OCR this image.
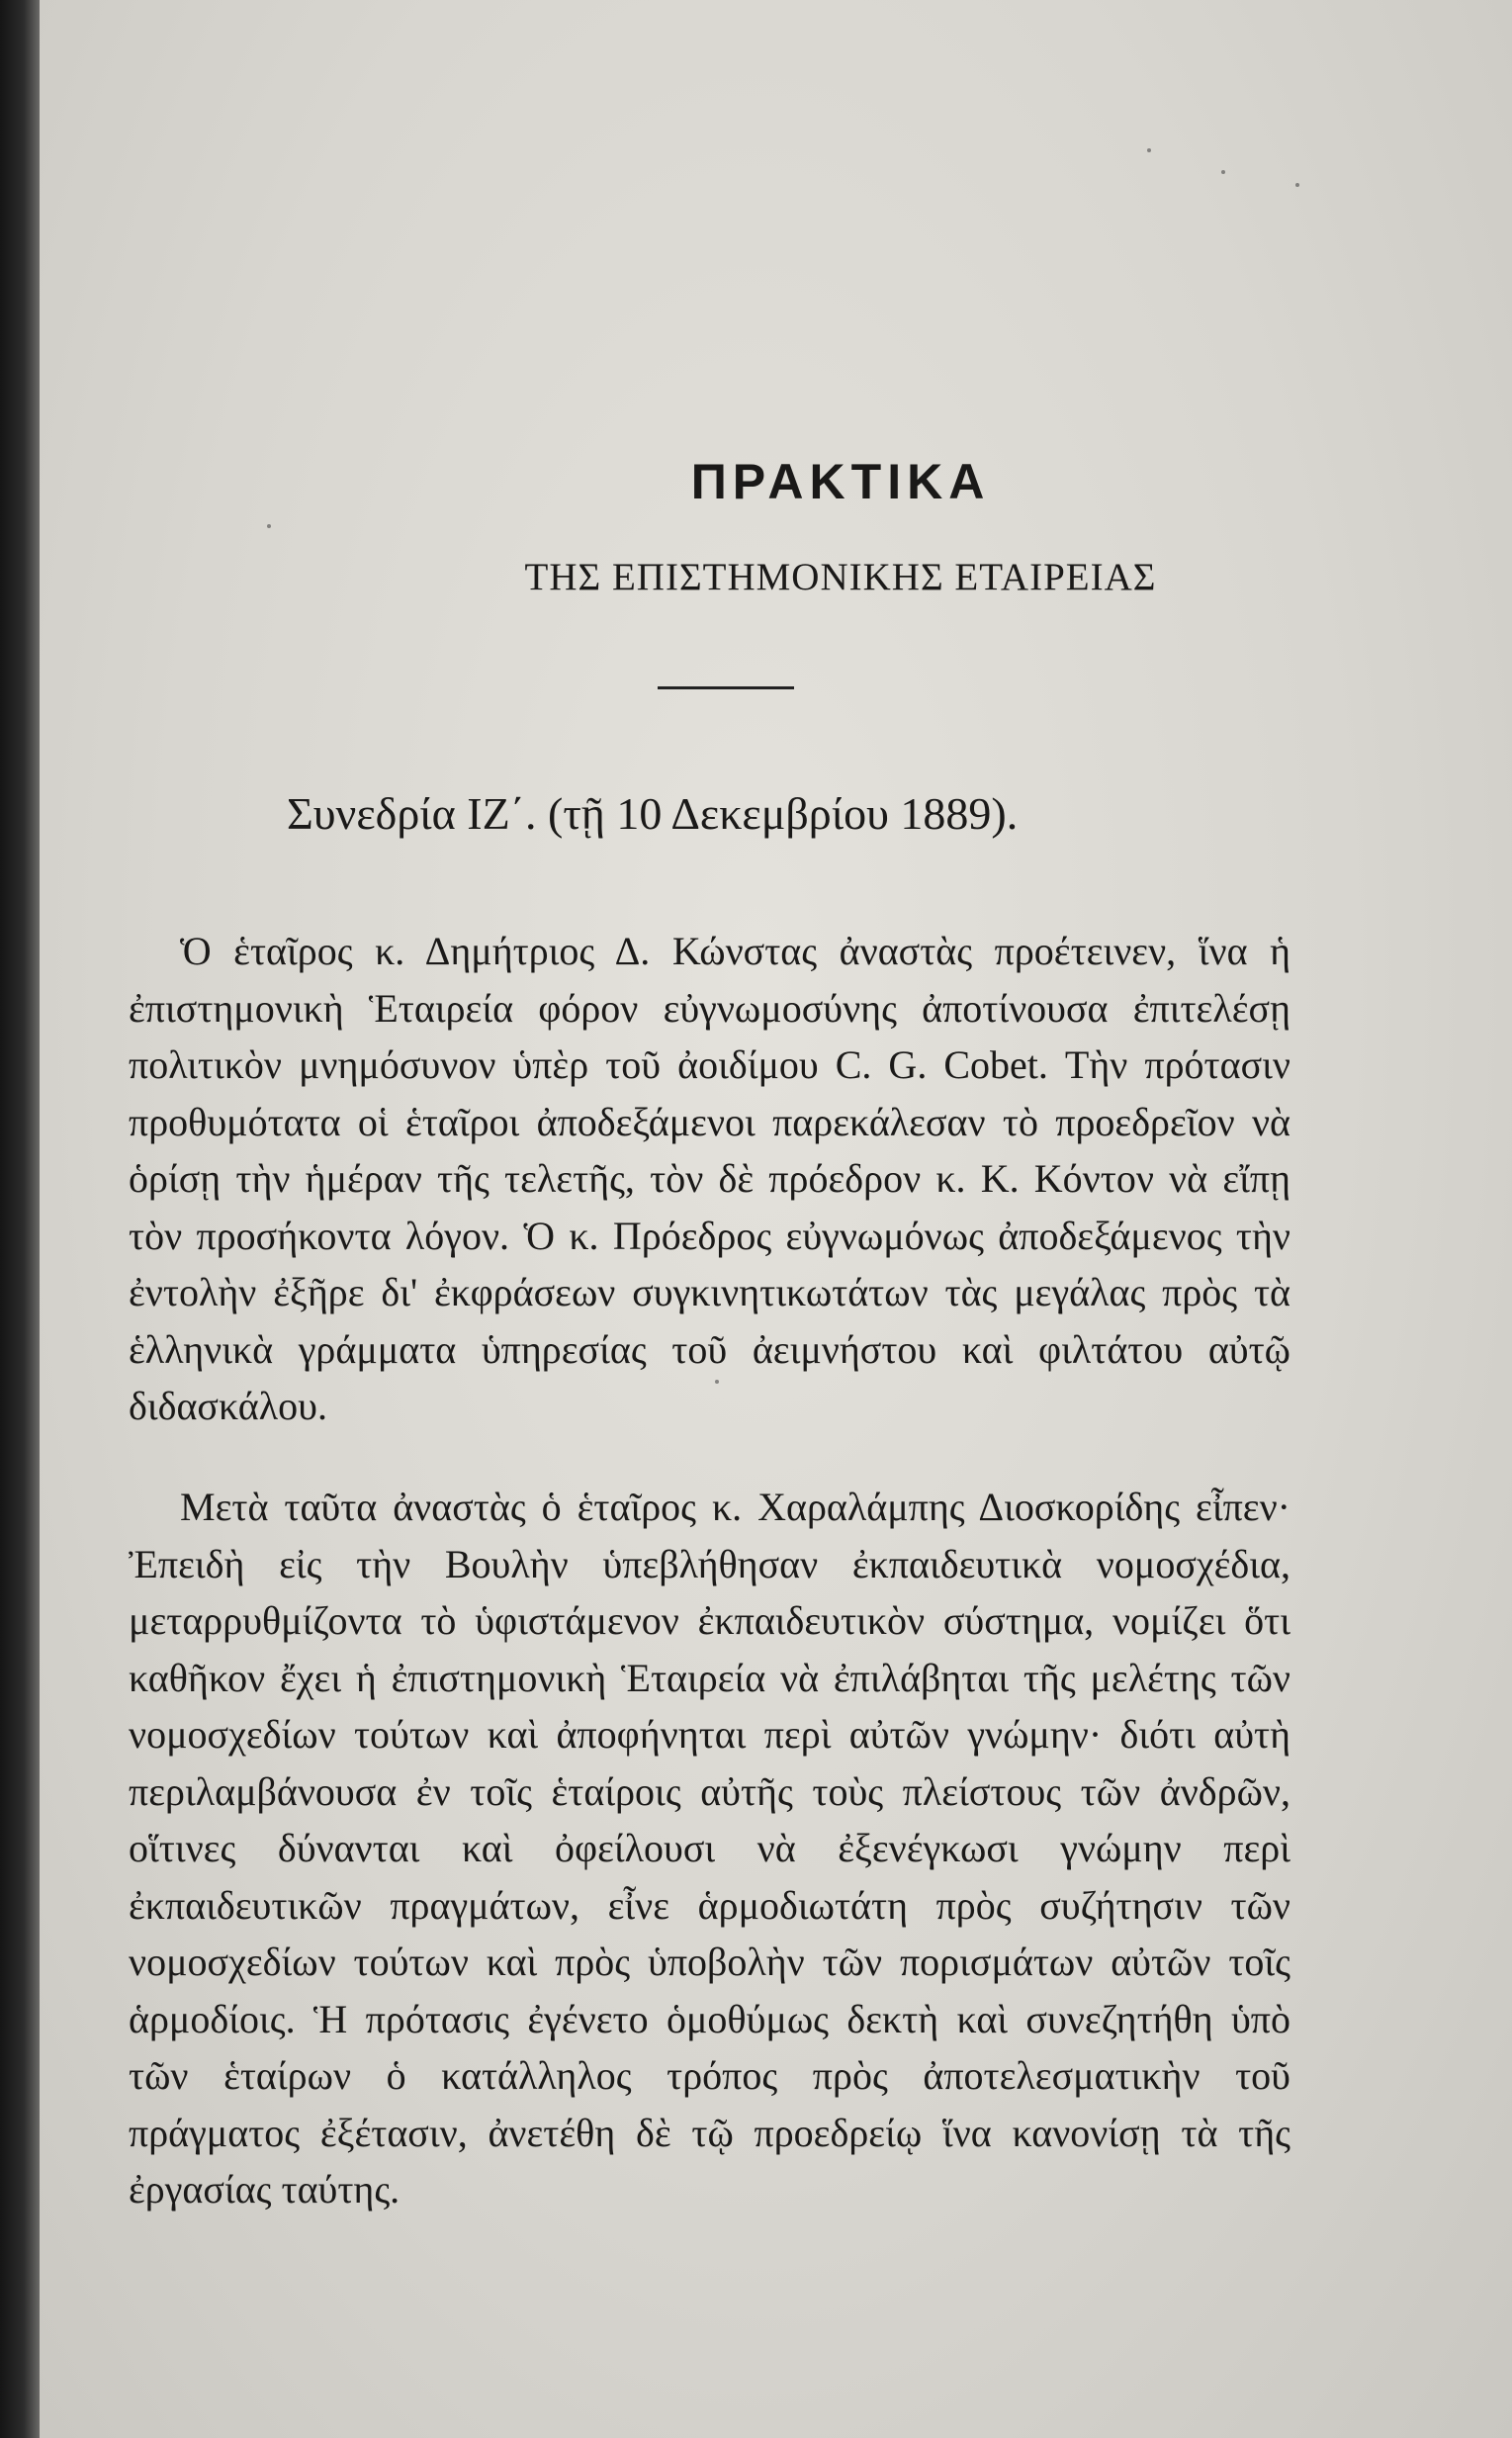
ΠΡΑΚΤΙΚΑ
ΤΗΣ ΕΠΙΣΤΗΜΟΝΙΚΗΣ ΕΤΑΙΡΕΙΑΣ
Συνεδρία ΙΖ΄. (τῇ 10 Δεκεμβρίου 1889).

Ὁ ἑταῖρος κ. Δημήτριος Δ. Κώνστας ἀναστὰς προέτεινεν, ἵνα ἡ ἐπιστημονικὴ Ἑταιρεία φόρον εὐγνωμοσύνης ἀποτίνουσα ἐπιτελέσῃ πολιτικὸν μνημόσυνον ὑπὲρ τοῦ ἀοιδίμου C. G. Cobet. Τὴν πρότασιν προθυμότατα οἱ ἑταῖροι ἀποδεξάμενοι παρεκάλεσαν τὸ προεδρεῖον νὰ ὁρίσῃ τὴν ἡμέραν τῆς τελετῆς, τὸν δὲ πρόεδρον κ. Κ. Κόντον νὰ εἴπῃ τὸν προσήκοντα λόγον. Ὁ κ. Πρόεδρος εὐγνωμόνως ἀποδεξάμενος τὴν ἐντολὴν ἐξῆρε δι' ἐκφράσεων συγκινητικωτάτων τὰς μεγάλας πρὸς τὰ ἑλληνικὰ γράμματα ὑπηρεσίας τοῦ ἀειμνήστου καὶ φιλτάτου αὐτῷ διδασκάλου.

Μετὰ ταῦτα ἀναστὰς ὁ ἑταῖρος κ. Χαραλάμπης Διοσκορίδης εἶπεν· Ἐπειδὴ εἰς τὴν Βουλὴν ὑπεβλήθησαν ἐκπαιδευτικὰ νομοσχέδια, μεταρρυθμίζοντα τὸ ὑφιστάμενον ἐκπαιδευτικὸν σύστημα, νομίζει ὅτι καθῆκον ἔχει ἡ ἐπιστημονικὴ Ἑταιρεία νὰ ἐπιλάβηται τῆς μελέτης τῶν νομοσχεδίων τούτων καὶ ἀποφήνηται περὶ αὐτῶν γνώμην· διότι αὐτὴ περιλαμβάνουσα ἐν τοῖς ἑταίροις αὐτῆς τοὺς πλείστους τῶν ἀνδρῶν, οἵτινες δύνανται καὶ ὀφείλουσι νὰ ἐξενέγκωσι γνώμην περὶ ἐκπαιδευτικῶν πραγμάτων, εἶνε ἁρμοδιωτάτη πρὸς συζήτησιν τῶν νομοσχεδίων τούτων καὶ πρὸς ὑποβολὴν τῶν πορισμάτων αὐτῶν τοῖς ἁρμοδίοις. Ἡ πρότασις ἐγένετο ὁμοθύμως δεκτὴ καὶ συνεζητήθη ὑπὸ τῶν ἑταίρων ὁ κατάλληλος τρόπος πρὸς ἀποτελεσματικὴν τοῦ πράγματος ἐξέτασιν, ἀνετέθη δὲ τῷ προεδρείῳ ἵνα κανονίσῃ τὰ τῆς ἐργασίας ταύτης.
